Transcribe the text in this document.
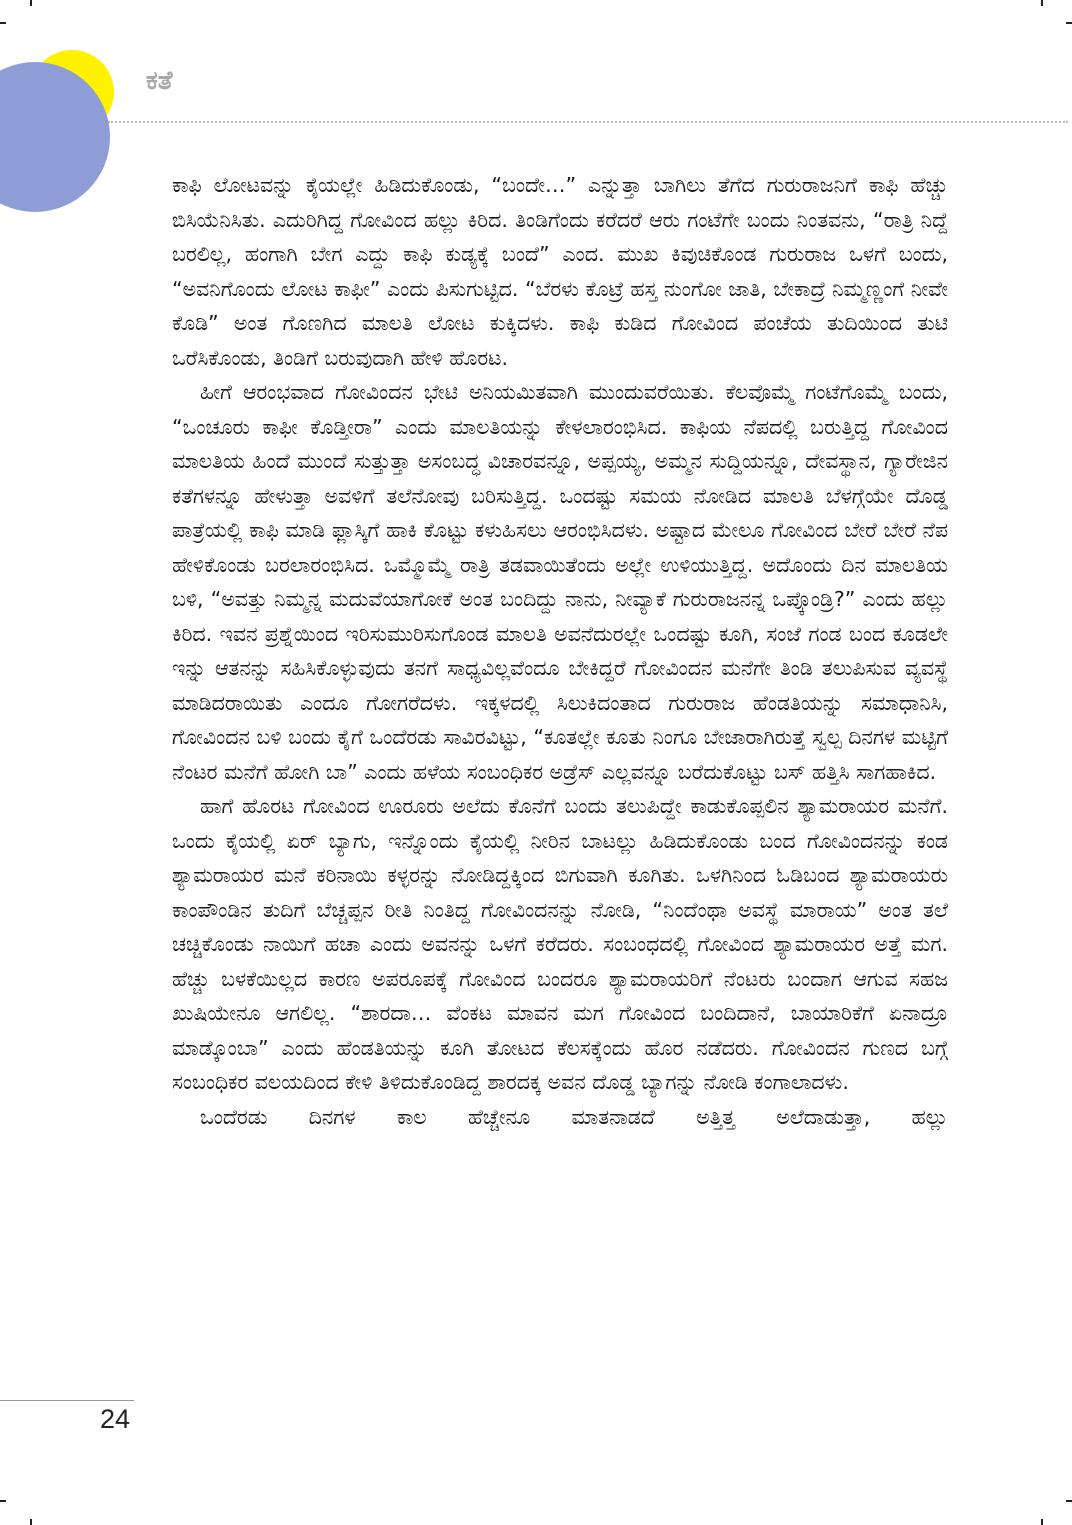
ಕತೆ

ಕಾಫಿ ಲೋಟವನ್ನು ಕೈಯಲ್ಲೇ ಹಿಡಿದುಕೊಂಡು, “ಬಂದೇ…” ಎನ್ನುತ್ತಾ ಬಾಗಿಲು ತೆಗೆದ ಗುರುರಾಜನಿಗೆ ಕಾಫಿ ಹೆಚ್ಚು ಬಿಸಿಯೆನಿಸಿತು. ಎದುರಿಗಿದ್ದ ಗೋವಿಂದ ಹಲ್ಲು ಕಿರಿದ. ತಿಂಡಿಗೆಂದು ಕರೆದರೆ ಆರು ಗಂಟೆಗೇ ಬಂದು ನಿಂತವನು, “ರಾತ್ರಿ ನಿದ್ದೆ ಬರಲಿಲ್ಲ, ಹಂಗಾಗಿ ಬೇಗ ಎದ್ದು ಕಾಫಿ ಕುಡ್ಯಕ್ಕೆ ಬಂದೆ” ಎಂದ. ಮುಖ ಕಿವುಚಿಕೊಂಡ ಗುರುರಾಜ ಒಳಗೆ ಬಂದು, “ಅವನಿಗೊಂದು ಲೋಟ ಕಾಫೀ” ಎಂದು ಪಿಸುಗುಟ್ಟಿದ. “ಬೆರಳು ಕೊಟ್ರೆ ಹಸ್ತ ನುಂಗೋ ಜಾತಿ, ಬೇಕಾದ್ರೆ ನಿಮ್ಮಣ್ಣಂಗೆ ನೀವೇ ಕೊಡಿ” ಅಂತ ಗೊಣಗಿದ ಮಾಲತಿ ಲೋಟ ಕುಕ್ಕಿದಳು. ಕಾಫಿ ಕುಡಿದ ಗೋವಿಂದ ಪಂಚೆಯ ತುದಿಯಿಂದ ತುಟಿ ಒರೆಸಿಕೊಂಡು, ತಿಂಡಿಗೆ ಬರುವುದಾಗಿ ಹೇಳಿ ಹೊರಟ.

ಹೀಗೆ ಆರಂಭವಾದ ಗೋವಿಂದನ ಭೇಟಿ ಅನಿಯಮಿತವಾಗಿ ಮುಂದುವರೆಯಿತು. ಕೆಲವೊಮ್ಮೆ ಗಂಟೆಗೊಮ್ಮೆ ಬಂದು, “ಒಂಚೂರು ಕಾಫೀ ಕೊಡ್ತೀರಾ” ಎಂದು ಮಾಲತಿಯನ್ನು ಕೇಳಲಾರಂಭಿಸಿದ. ಕಾಫಿಯ ನೆಪದಲ್ಲಿ ಬರುತ್ತಿದ್ದ ಗೋವಿಂದ ಮಾಲತಿಯ ಹಿಂದೆ ಮುಂದೆ ಸುತ್ತುತ್ತಾ ಅಸಂಬದ್ಧ ವಿಚಾರವನ್ನೂ, ಅಪ್ಪಯ್ಯ, ಅಮ್ಮನ ಸುದ್ದಿಯನ್ನೂ, ದೇವಸ್ಥಾನ, ಗ್ಯಾರೇಜಿನ ಕತೆಗಳನ್ನೂ ಹೇಳುತ್ತಾ ಅವಳಿಗೆ ತಲೆನೋವು ಬರಿಸುತ್ತಿದ್ದ. ಒಂದಷ್ಟು ಸಮಯ ನೋಡಿದ ಮಾಲತಿ ಬೆಳಗ್ಗೆಯೇ ದೊಡ್ಡ ಪಾತ್ರೆಯಲ್ಲಿ ಕಾಫಿ ಮಾಡಿ ಫ್ಲಾಸ್ಕಿಗೆ ಹಾಕಿ ಕೊಟ್ಟು ಕಳುಹಿಸಲು ಆರಂಭಿಸಿದಳು. ಅಷ್ಟಾದ ಮೇಲೂ ಗೋವಿಂದ ಬೇರೆ ಬೇರೆ ನೆಪ ಹೇಳಿಕೊಂಡು ಬರಲಾರಂಭಿಸಿದ. ಒಮ್ಮೊಮ್ಮೆ ರಾತ್ರಿ ತಡವಾಯಿತೆಂದು ಅಲ್ಲೇ ಉಳಿಯುತ್ತಿದ್ದ. ಅದೊಂದು ದಿನ ಮಾಲತಿಯ ಬಳಿ, “ಅವತ್ತು ನಿಮ್ಮನ್ನ ಮದುವೆಯಾಗೋಕೆ ಅಂತ ಬಂದಿದ್ದು ನಾನು, ನೀವ್ಯಾಕೆ ಗುರುರಾಜನನ್ನ ಒಪ್ಕೊಂಡ್ರಿ?” ಎಂದು ಹಲ್ಲು ಕಿರಿದ. ಇವನ ಪ್ರಶ್ನೆಯಿಂದ ಇರಿಸುಮುರಿಸುಗೊಂಡ ಮಾಲತಿ ಅವನೆದುರಲ್ಲೇ ಒಂದಷ್ಟು ಕೂಗಿ, ಸಂಜೆ ಗಂಡ ಬಂದ ಕೂಡಲೇ ಇನ್ನು ಆತನನ್ನು ಸಹಿಸಿಕೊಳ್ಳುವುದು ತನಗೆ ಸಾಧ್ಯವಿಲ್ಲವೆಂದೂ ಬೇಕಿದ್ದರೆ ಗೋವಿಂದನ ಮನೆಗೇ ತಿಂಡಿ ತಲುಪಿಸುವ ವ್ಯವಸ್ಥೆ ಮಾಡಿದರಾಯಿತು ಎಂದೂ ಗೋಗರೆದಳು. ಇಕ್ಕಳದಲ್ಲಿ ಸಿಲುಕಿದಂತಾದ ಗುರುರಾಜ ಹೆಂಡತಿಯನ್ನು ಸಮಾಧಾನಿಸಿ, ಗೋವಿಂದನ ಬಳಿ ಬಂದು ಕೈಗೆ ಒಂದೆರಡು ಸಾವಿರವಿಟ್ಟು, “ಕೂತಲ್ಲೇ ಕೂತು ನಿಂಗೂ ಬೇಜಾರಾಗಿರುತ್ತೆ ಸ್ವಲ್ಪ ದಿನಗಳ ಮಟ್ಟಿಗೆ ನೆಂಟರ ಮನೆಗೆ ಹೋಗಿ ಬಾ” ಎಂದು ಹಳೆಯ ಸಂಬಂಧಿಕರ ಅಡ್ರೆಸ್ ಎಲ್ಲವನ್ನೂ ಬರೆದುಕೊಟ್ಟು ಬಸ್ ಹತ್ತಿಸಿ ಸಾಗಹಾಕಿದ.

ಹಾಗೆ ಹೊರಟ ಗೋವಿಂದ ಊರೂರು ಅಲೆದು ಕೊನೆಗೆ ಬಂದು ತಲುಪಿದ್ದೇ ಕಾಡುಕೊಪ್ಪಲಿನ ಶ್ಯಾಮರಾಯರ ಮನೆಗೆ. ಒಂದು ಕೈಯಲ್ಲಿ ಏರ್ ಬ್ಯಾಗು, ಇನ್ನೊಂದು ಕೈಯಲ್ಲಿ ನೀರಿನ ಬಾಟಲ್ಲು ಹಿಡಿದುಕೊಂಡು ಬಂದ ಗೋವಿಂದನನ್ನು ಕಂಡ ಶ್ಯಾಮರಾಯರ ಮನೆ ಕರಿನಾಯಿ ಕಳ್ಳರನ್ನು ನೋಡಿದ್ದಕ್ಕಿಂದ ಬಿಗುವಾಗಿ ಕೂಗಿತು. ಒಳಗಿನಿಂದ ಓಡಿಬಂದ ಶ್ಯಾಮರಾಯರು ಕಾಂಪೌಂಡಿನ ತುದಿಗೆ ಬೆಚ್ಚಪ್ಪನ ರೀತಿ ನಿಂತಿದ್ದ ಗೋವಿಂದನನ್ನು ನೋಡಿ, “ನಿಂದೆಂಥಾ ಅವಸ್ಥೆ ಮಾರಾಯ” ಅಂತ ತಲೆ ಚಚ್ಚಿಕೊಂಡು ನಾಯಿಗೆ ಹಚಾ ಎಂದು ಅವನನ್ನು ಒಳಗೆ ಕರೆದರು. ಸಂಬಂಧದಲ್ಲಿ ಗೋವಿಂದ ಶ್ಯಾಮರಾಯರ ಅತ್ತೆ ಮಗ. ಹೆಚ್ಚು ಬಳಕೆಯಿಲ್ಲದ ಕಾರಣ ಅಪರೂಪಕ್ಕೆ ಗೋವಿಂದ ಬಂದರೂ ಶ್ಯಾಮರಾಯರಿಗೆ ನೆಂಟರು ಬಂದಾಗ ಆಗುವ ಸಹಜ ಖುಷಿಯೇನೂ ಆಗಲಿಲ್ಲ. “ಶಾರದಾ… ವೆಂಕಟ ಮಾವನ ಮಗ ಗೋವಿಂದ ಬಂದಿದಾನೆ, ಬಾಯಾರಿಕೆಗೆ ಏನಾದ್ರೂ ಮಾಡ್ಕೊಂಬಾ” ಎಂದು ಹೆಂಡತಿಯನ್ನು ಕೂಗಿ ತೋಟದ ಕೆಲಸಕ್ಕೆಂದು ಹೊರ ನಡೆದರು. ಗೋವಿಂದನ ಗುಣದ ಬಗ್ಗೆ ಸಂಬಂಧಿಕರ ವಲಯದಿಂದ ಕೇಳಿ ತಿಳಿದುಕೊಂಡಿದ್ದ ಶಾರದಕ್ಕ ಅವನ ದೊಡ್ಡ ಬ್ಯಾಗನ್ನು ನೋಡಿ ಕಂಗಾಲಾದಳು.

ಒಂದೆರಡು ದಿನಗಳ ಕಾಲ ಹೆಚ್ಚೇನೂ ಮಾತನಾಡದೆ ಅತ್ತಿತ್ತ ಅಲೆದಾಡುತ್ತಾ, ಹಲ್ಲು

24
